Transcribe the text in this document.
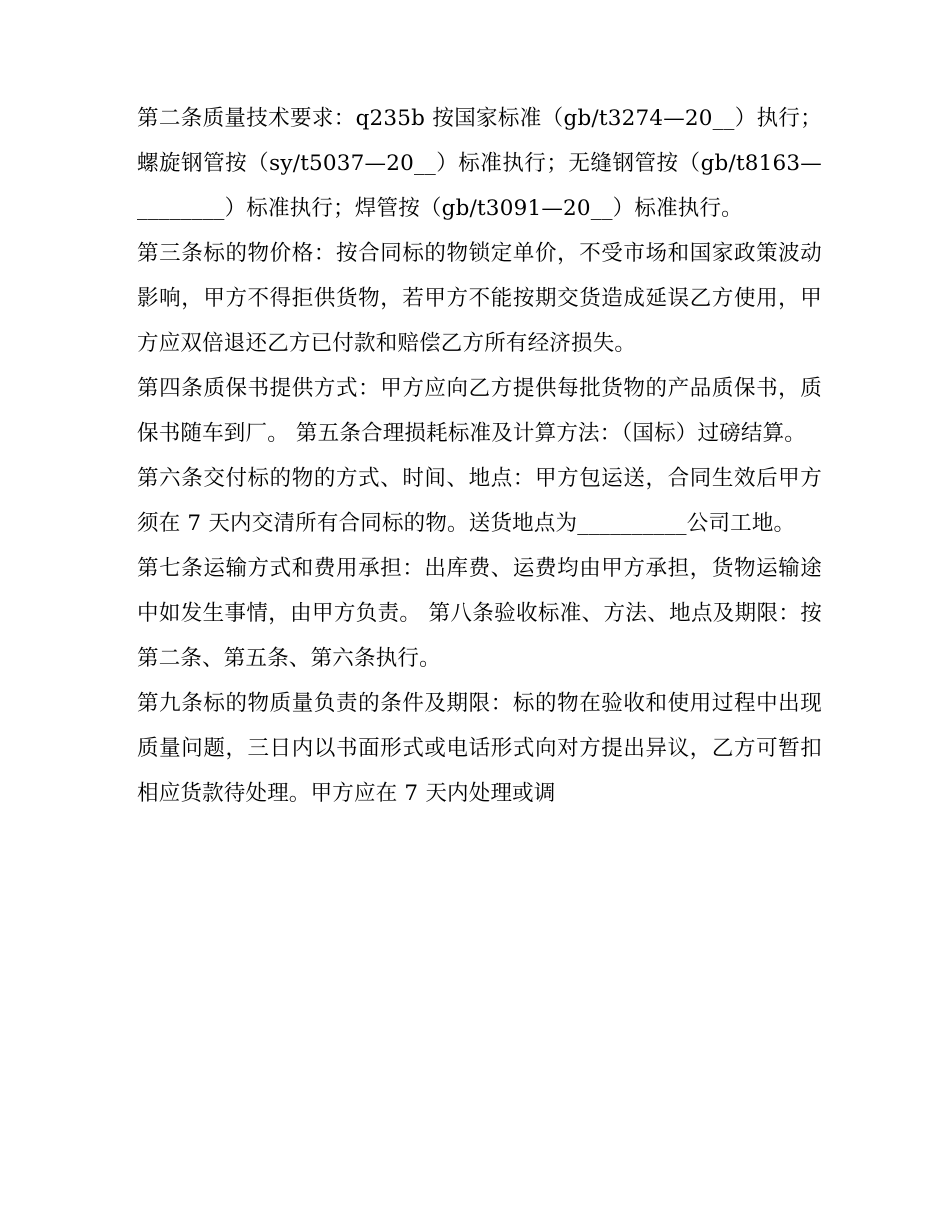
第二条质量技术要求：q235b 按国家标准（gb/t3274—20__）执行；螺旋钢管按（sy/t5037—20__）标准执行；无缝钢管按（gb/t8163—________）标准执行；焊管按（gb/t3091—20__）标准执行。

第三条标的物价格：按合同标的物锁定单价，不受市场和国家政策波动影响，甲方不得拒供货物，若甲方不能按期交货造成延误乙方使用，甲方应双倍退还乙方已付款和赔偿乙方所有经济损失。

第四条质保书提供方式：甲方应向乙方提供每批货物的产品质保书，质保书随车到厂。 第五条合理损耗标准及计算方法：（国标）过磅结算。

第六条交付标的物的方式、时间、地点：甲方包运送，合同生效后甲方须在 7 天内交清所有合同标的物。送货地点为__________公司工地。

第七条运输方式和费用承担：出库费、运费均由甲方承担，货物运输途中如发生事情，由甲方负责。 第八条验收标准、方法、地点及期限：按第二条、第五条、第六条执行。

第九条标的物质量负责的条件及期限：标的物在验收和使用过程中出现质量问题，三日内以书面形式或电话形式向对方提出异议，乙方可暂扣相应货款待处理。甲方应在 7 天内处理或调
